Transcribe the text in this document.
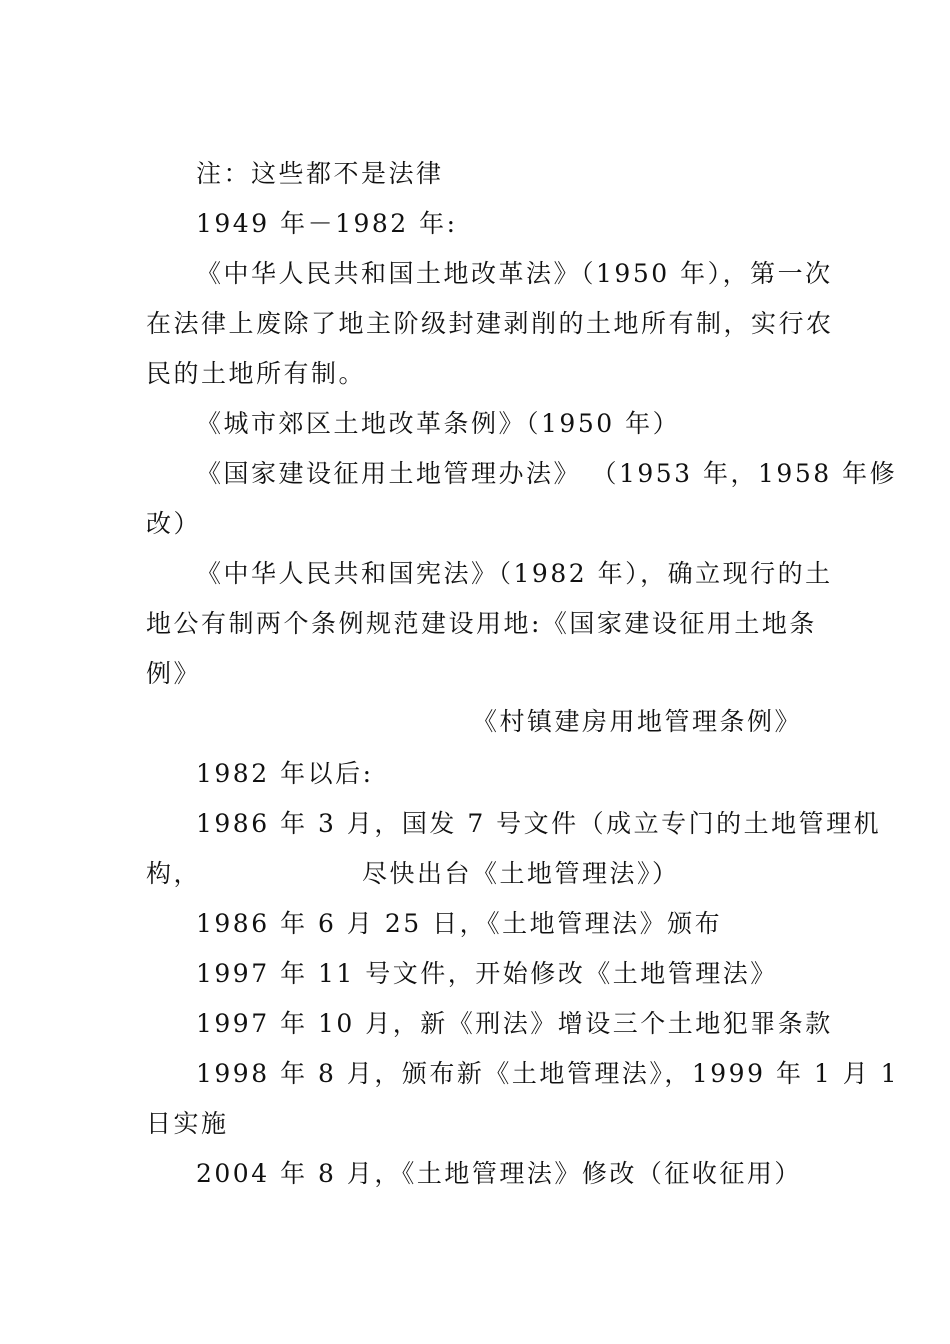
注：这些都不是法律
1949 年－1982 年:
《中华人民共和国土地改革法》（1950 年），第一次
在法律上废除了地主阶级封建剥削的土地所有制，实行农
民的土地所有制。
《城市郊区土地改革条例》（1950 年）
《国家建设征用土地管理办法》 （1953 年，1958 年修
改）
《中华人民共和国宪法》（1982 年），确立现行的土
地公有制两个条例规范建设用地:《国家建设征用土地条
例》
《村镇建房用地管理条例》
1982 年以后:
1986 年 3 月，国发 7 号文件（成立专门的土地管理机
构，	尽快出台《土地管理法》）
1986 年 6 月 25 日，《土地管理法》颁布
1997 年 11 号文件，开始修改《土地管理法》
1997 年 10 月，新《刑法》增设三个土地犯罪条款
1998 年 8 月，颁布新《土地管理法》，1999 年 1 月 1
日实施
2004 年 8 月，《土地管理法》修改（征收征用）
